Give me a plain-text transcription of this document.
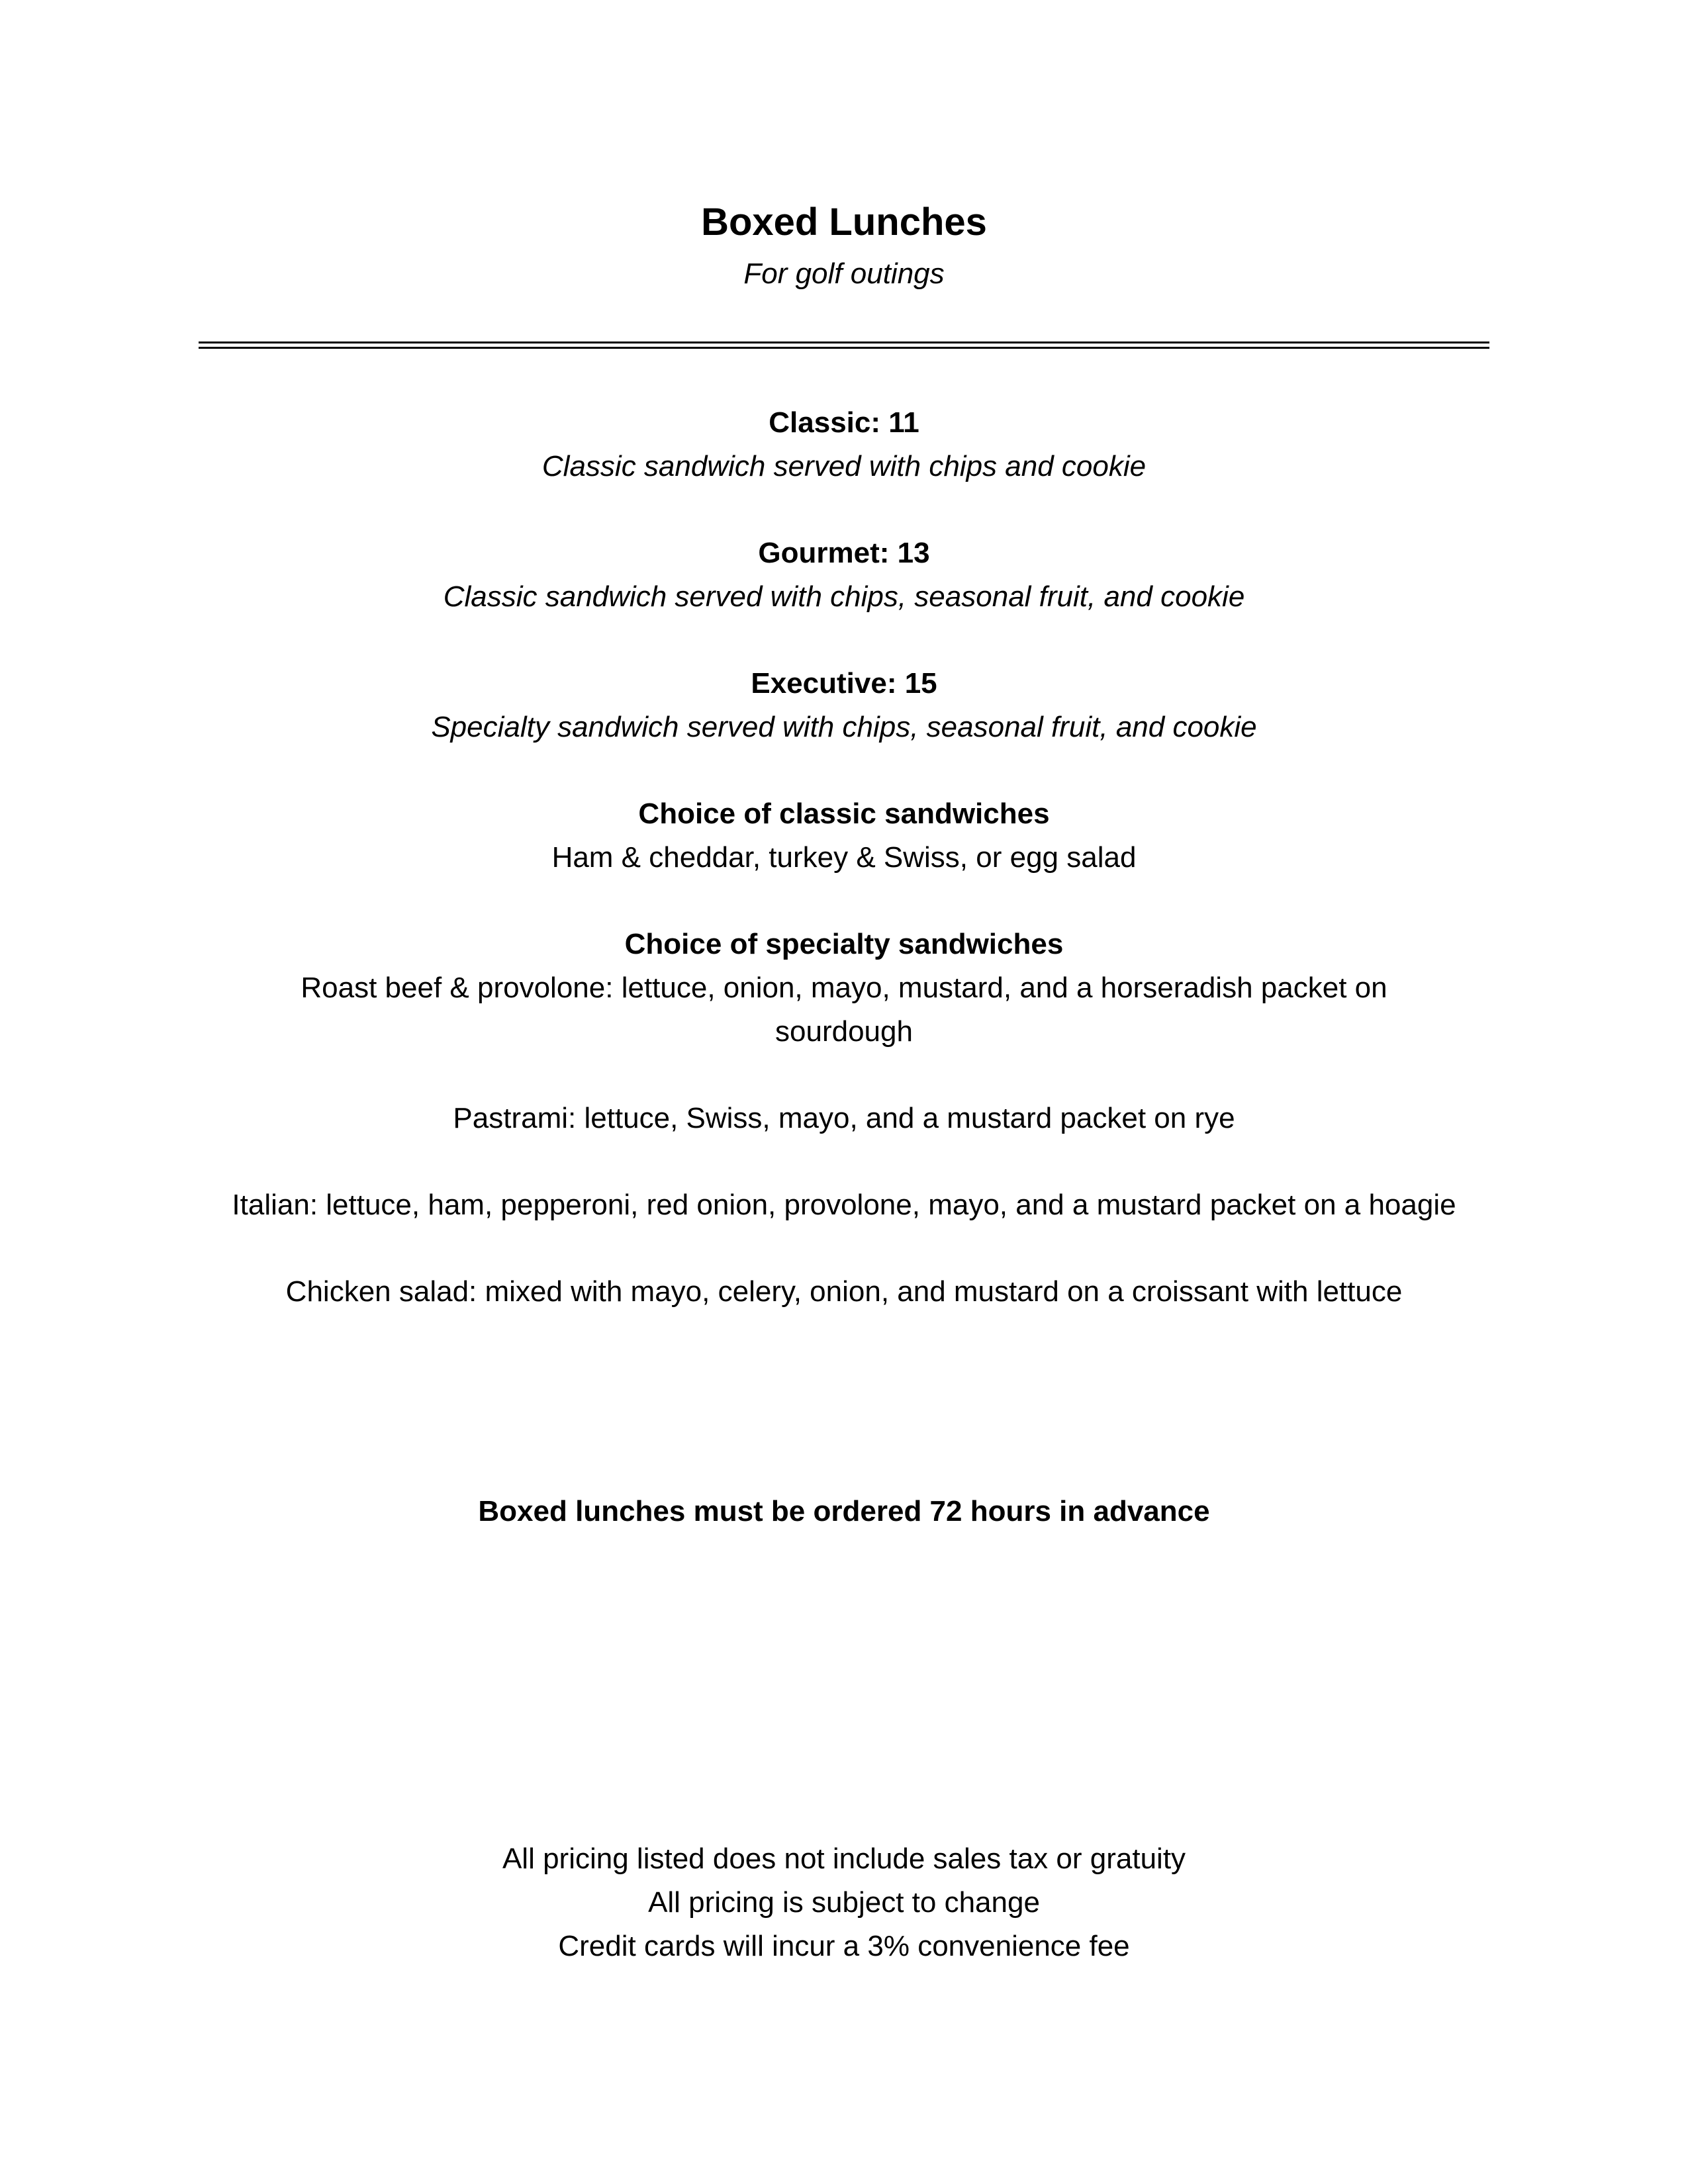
Boxed Lunches
For golf outings
Classic: 11
Classic sandwich served with chips and cookie
Gourmet: 13
Classic sandwich served with chips, seasonal fruit, and cookie
Executive: 15
Specialty sandwich served with chips, seasonal fruit, and cookie
Choice of classic sandwiches
Ham & cheddar, turkey & Swiss, or egg salad
Choice of specialty sandwiches
Roast beef & provolone: lettuce, onion, mayo, mustard, and a horseradish packet on sourdough
Pastrami: lettuce, Swiss, mayo, and a mustard packet on rye
Italian: lettuce, ham, pepperoni, red onion, provolone, mayo, and a mustard packet on a hoagie
Chicken salad: mixed with mayo, celery, onion, and mustard on a croissant with lettuce
Boxed lunches must be ordered 72 hours in advance
All pricing listed does not include sales tax or gratuity
All pricing is subject to change
Credit cards will incur a 3% convenience fee
